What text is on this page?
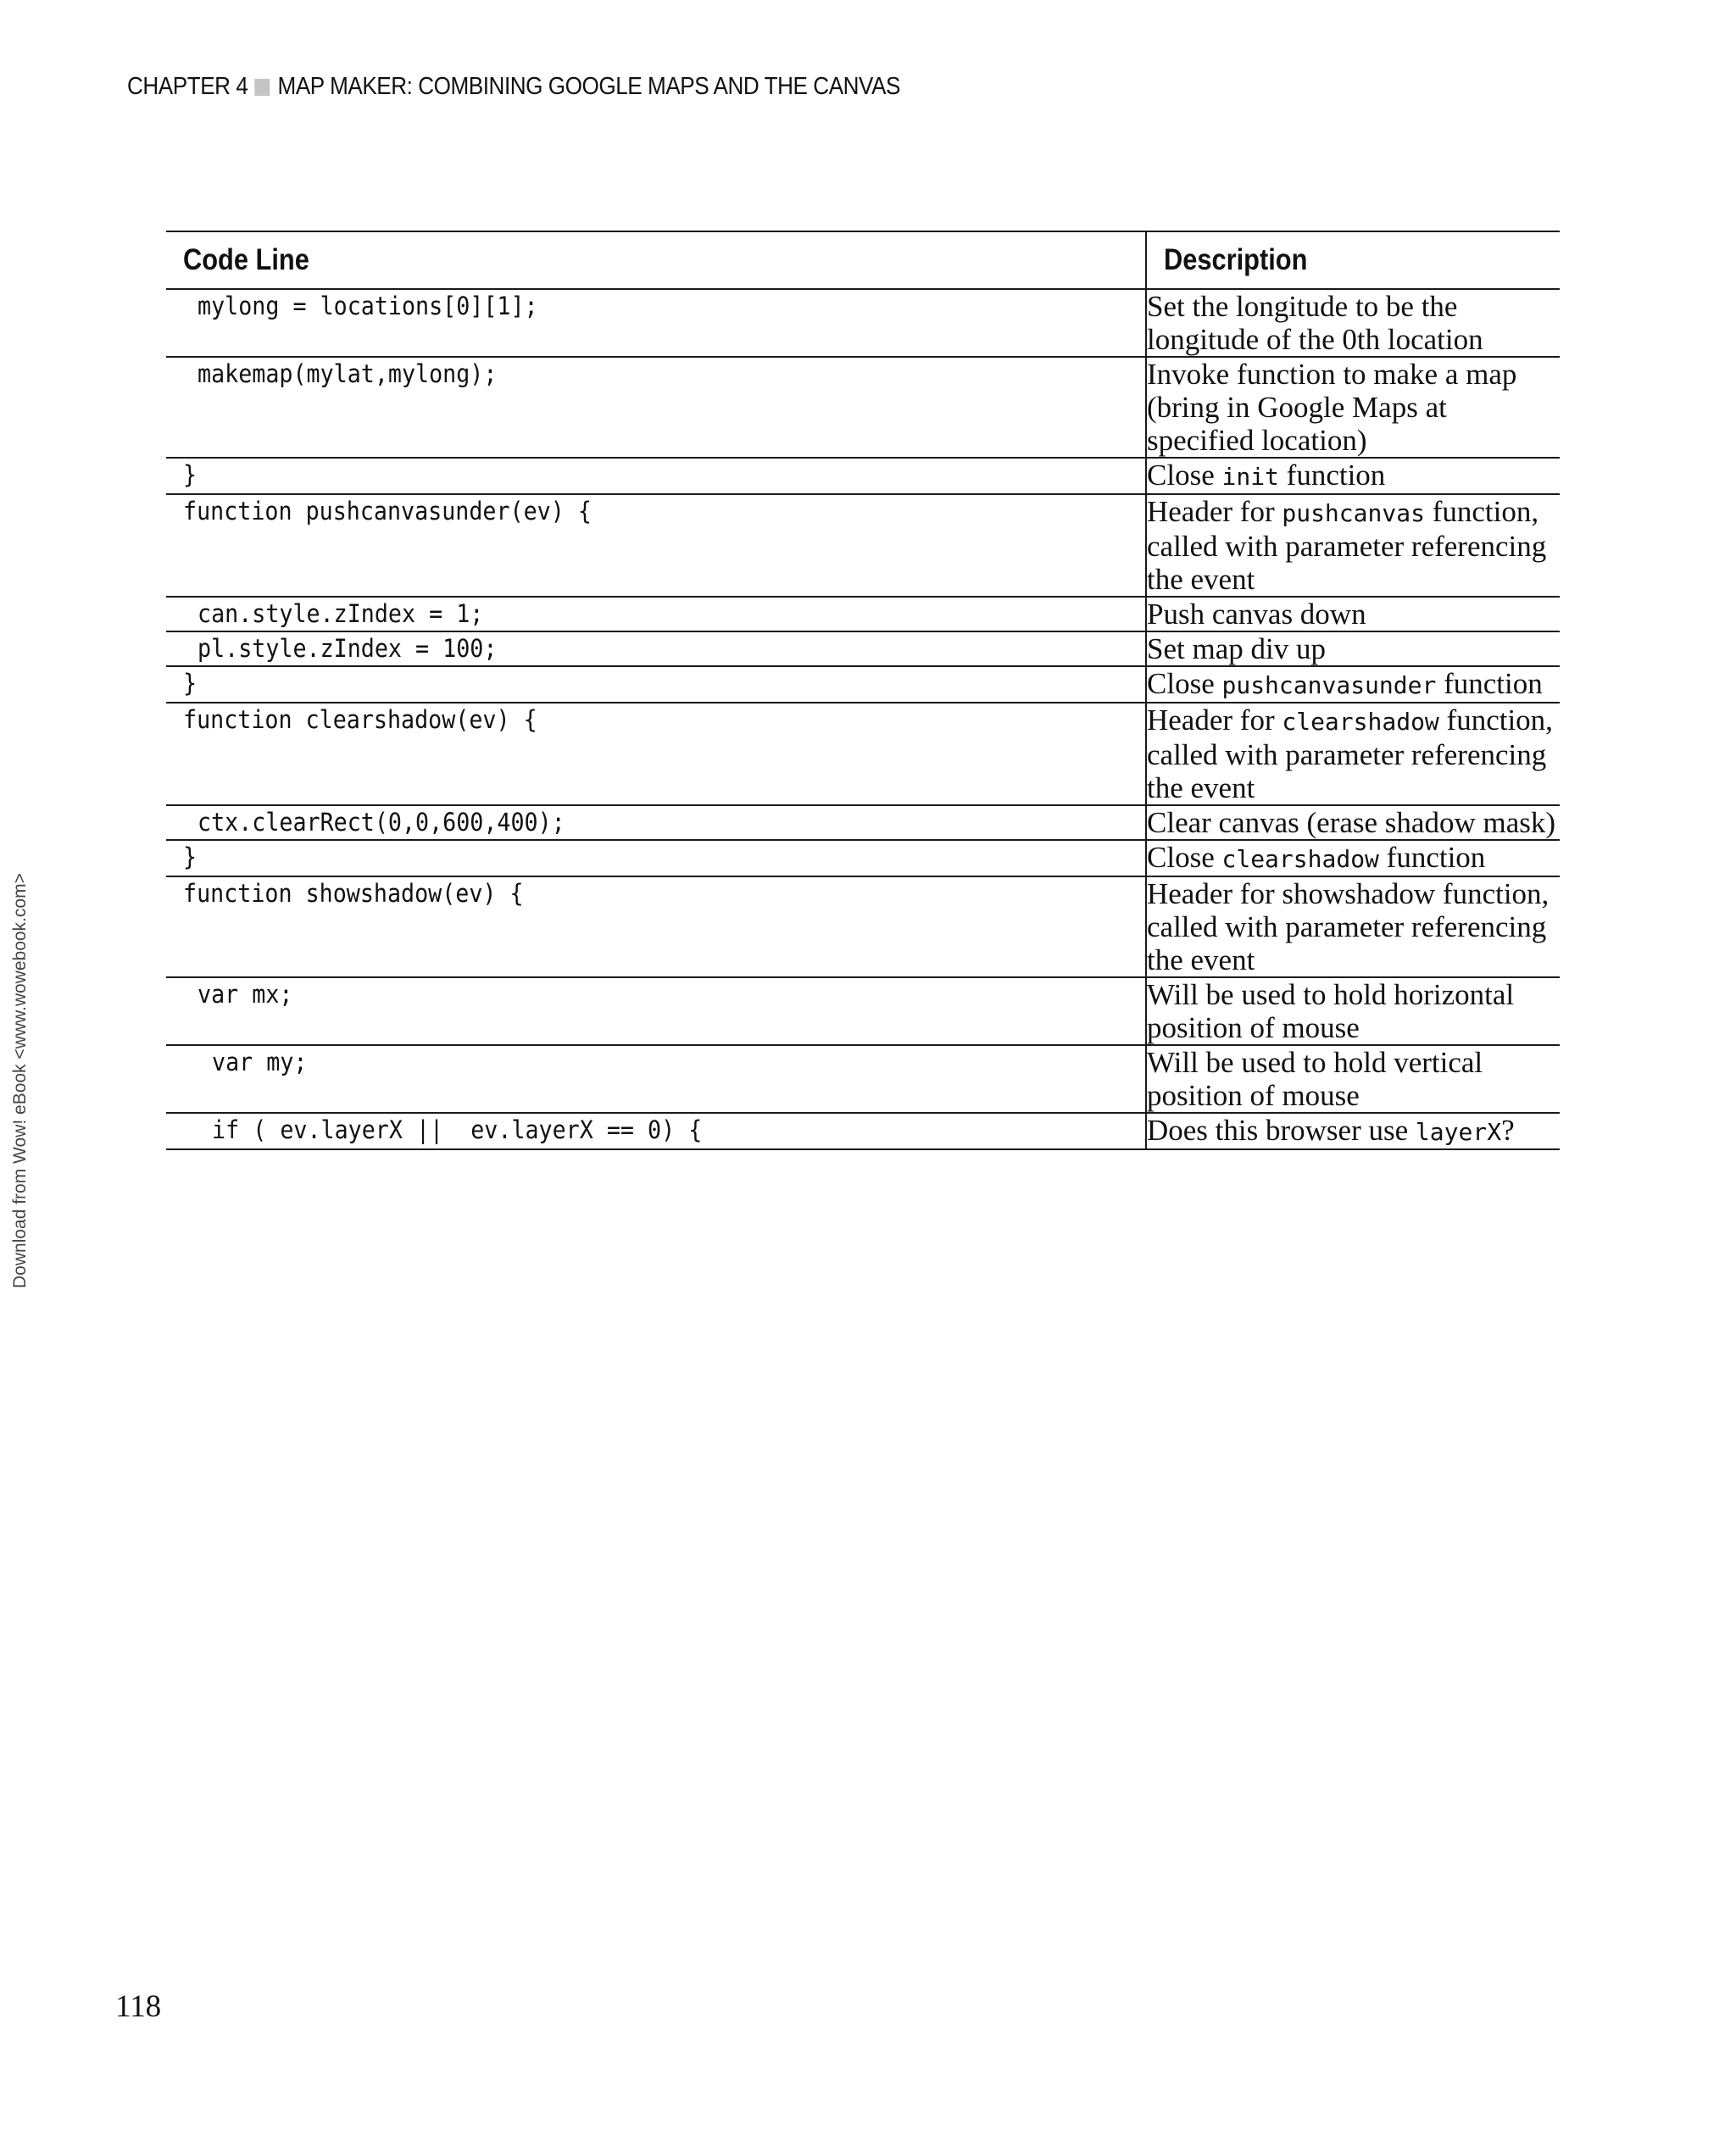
CHAPTER 4 MAP MAKER: COMBINING GOOGLE MAPS AND THE CANVAS
Download from Wow! eBook <www.wowebook.com>
Code Line	Description
mylong = locations[0][1];	Set the longitude to be the longitude of the 0th location
makemap(mylat,mylong);	Invoke function to make a map (bring in Google Maps at specified location)
}	Close init function
function pushcanvasunder(ev) {	Header for pushcanvas function, called with parameter referencing the event
can.style.zIndex = 1;	Push canvas down
pl.style.zIndex = 100;	Set map div up
}	Close pushcanvasunder function
function clearshadow(ev) {	Header for clearshadow function, called with parameter referencing the event
ctx.clearRect(0,0,600,400);	Clear canvas (erase shadow mask)
}	Close clearshadow function
function showshadow(ev) {	Header for showshadow function, called with parameter referencing the event
var mx;	Will be used to hold horizontal position of mouse
var my;	Will be used to hold vertical position of mouse
if ( ev.layerX ||  ev.layerX == 0) {	Does this browser use layerX?
118
